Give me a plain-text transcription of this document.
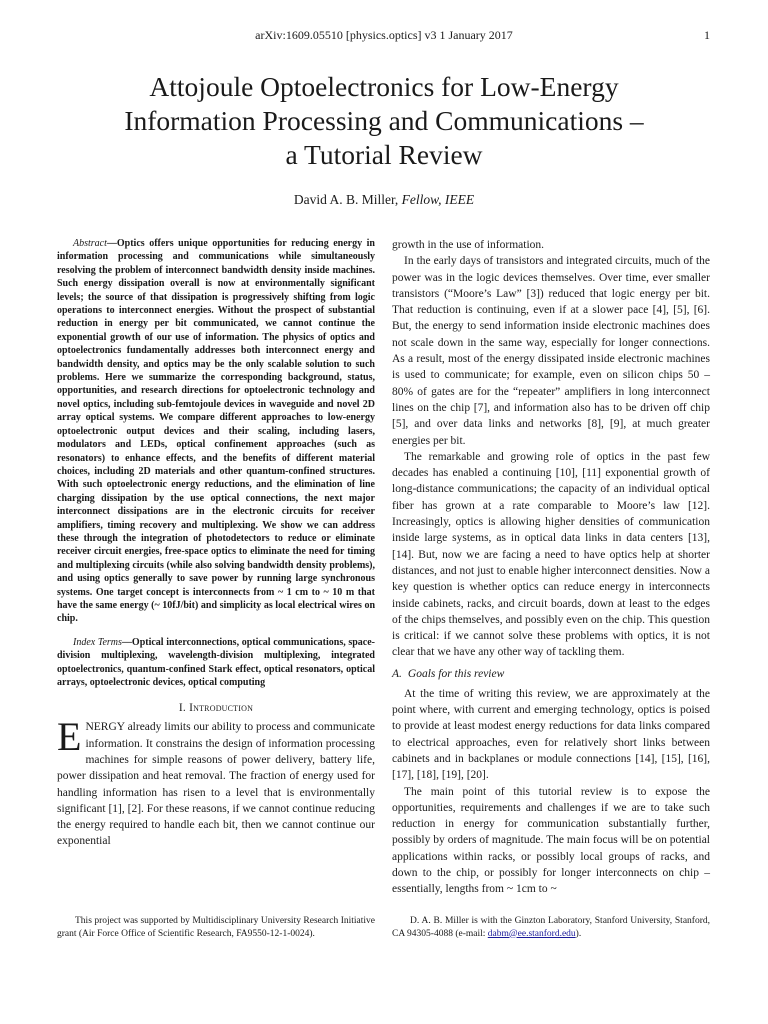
arXiv:1609.05510 [physics.optics] v3 1 January 2017	1
Attojoule Optoelectronics for Low-Energy
Information Processing and Communications –
a Tutorial Review
David A. B. Miller, Fellow, IEEE

Abstract—Optics offers unique opportunities for reducing energy in information processing and communications while simultaneously resolving the problem of interconnect bandwidth density inside machines. Such energy dissipation overall is now at environmentally significant levels; the source of that dissipation is progressively shifting from logic operations to interconnect energies. Without the prospect of substantial reduction in energy per bit communicated, we cannot continue the exponential growth of our use of information. The physics of optics and optoelectronics fundamentally addresses both interconnect energy and bandwidth density, and optics may be the only scalable solution to such problems. Here we summarize the corresponding background, status, opportunities, and research directions for optoelectronic technology and novel optics, including sub-femtojoule devices in waveguide and novel 2D array optical systems. We compare different approaches to low-energy optoelectronic output devices and their scaling, including lasers, modulators and LEDs, optical confinement approaches (such as resonators) to enhance effects, and the benefits of different material choices, including 2D materials and other quantum-confined structures. With such optoelectronic energy reductions, and the elimination of line charging dissipation by the use optical connections, the next major interconnect dissipations are in the electronic circuits for receiver amplifiers, timing recovery and multiplexing. We show we can address these through the integration of photodetectors to reduce or eliminate receiver circuit energies, free-space optics to eliminate the need for timing and multiplexing circuits (while also solving bandwidth density problems), and using optics generally to save power by running large synchronous systems. One target concept is interconnects from ~ 1 cm to ~ 10 m that have the same energy (~ 10fJ/bit) and simplicity as local electrical wires on chip.

Index Terms—Optical interconnections, optical communications, space-division multiplexing, wavelength-division multiplexing, integrated optoelectronics, quantum-confined Stark effect, optical resonators, optical arrays, optoelectronic devices, optical computing

I. Introduction

ENERGY already limits our ability to process and communicate information. It constrains the design of information processing machines for simple reasons of power delivery, battery life, power dissipation and heat removal. The fraction of energy used for handling information has risen to a level that is environmentally significant [1], [2]. For these reasons, if we cannot continue reducing the energy required to handle each bit, then we cannot continue our exponential

growth in the use of information.

In the early days of transistors and integrated circuits, much of the power was in the logic devices themselves. Over time, ever smaller transistors (“Moore’s Law” [3]) reduced that logic energy per bit. That reduction is continuing, even if at a slower pace [4], [5], [6]. But, the energy to send information inside electronic machines does not scale down in the same way, especially for longer connections. As a result, most of the energy dissipated inside electronic machines is used to communicate; for example, even on silicon chips 50 – 80% of gates are for the “repeater” amplifiers in long interconnect lines on the chip [7], and information also has to be driven off chip [5], and over data links and networks [8], [9], at much greater energies per bit.

The remarkable and growing role of optics in the past few decades has enabled a continuing [10], [11] exponential growth of long-distance communications; the capacity of an individual optical fiber has grown at a rate comparable to Moore’s law [12]. Increasingly, optics is allowing higher densities of communication inside large systems, as in optical data links in data centers [13], [14]. But, now we are facing a need to have optics help at shorter distances, and not just to enable higher interconnect densities. Now a key question is whether optics can reduce energy in interconnects inside cabinets, racks, and circuit boards, down at least to the edges of the chips themselves, and possibly even on the chip. This question is critical: if we cannot solve these problems with optics, it is not clear that we have any other way of tackling them.

A. Goals for this review

At the time of writing this review, we are approximately at the point where, with current and emerging technology, optics is poised to provide at least modest energy reductions for data links compared to electrical approaches, even for relatively short links between cabinets and in backplanes or module connections [14], [15], [16], [17], [18], [19], [20].

The main point of this tutorial review is to expose the opportunities, requirements and challenges if we are to take such reduction in energy for communication substantially further, possibly by orders of magnitude. The main focus will be on potential applications within racks, or possibly local groups of racks, and down to the chip, or possibly for longer interconnects on chip – essentially, lengths from ~ 1cm to ~

This project was supported by Multidisciplinary University Research Initiative grant (Air Force Office of Scientific Research, FA9550-12-1-0024).

D. A. B. Miller is with the Ginzton Laboratory, Stanford University, Stanford, CA 94305-4088 (e-mail: dabm@ee.stanford.edu).
